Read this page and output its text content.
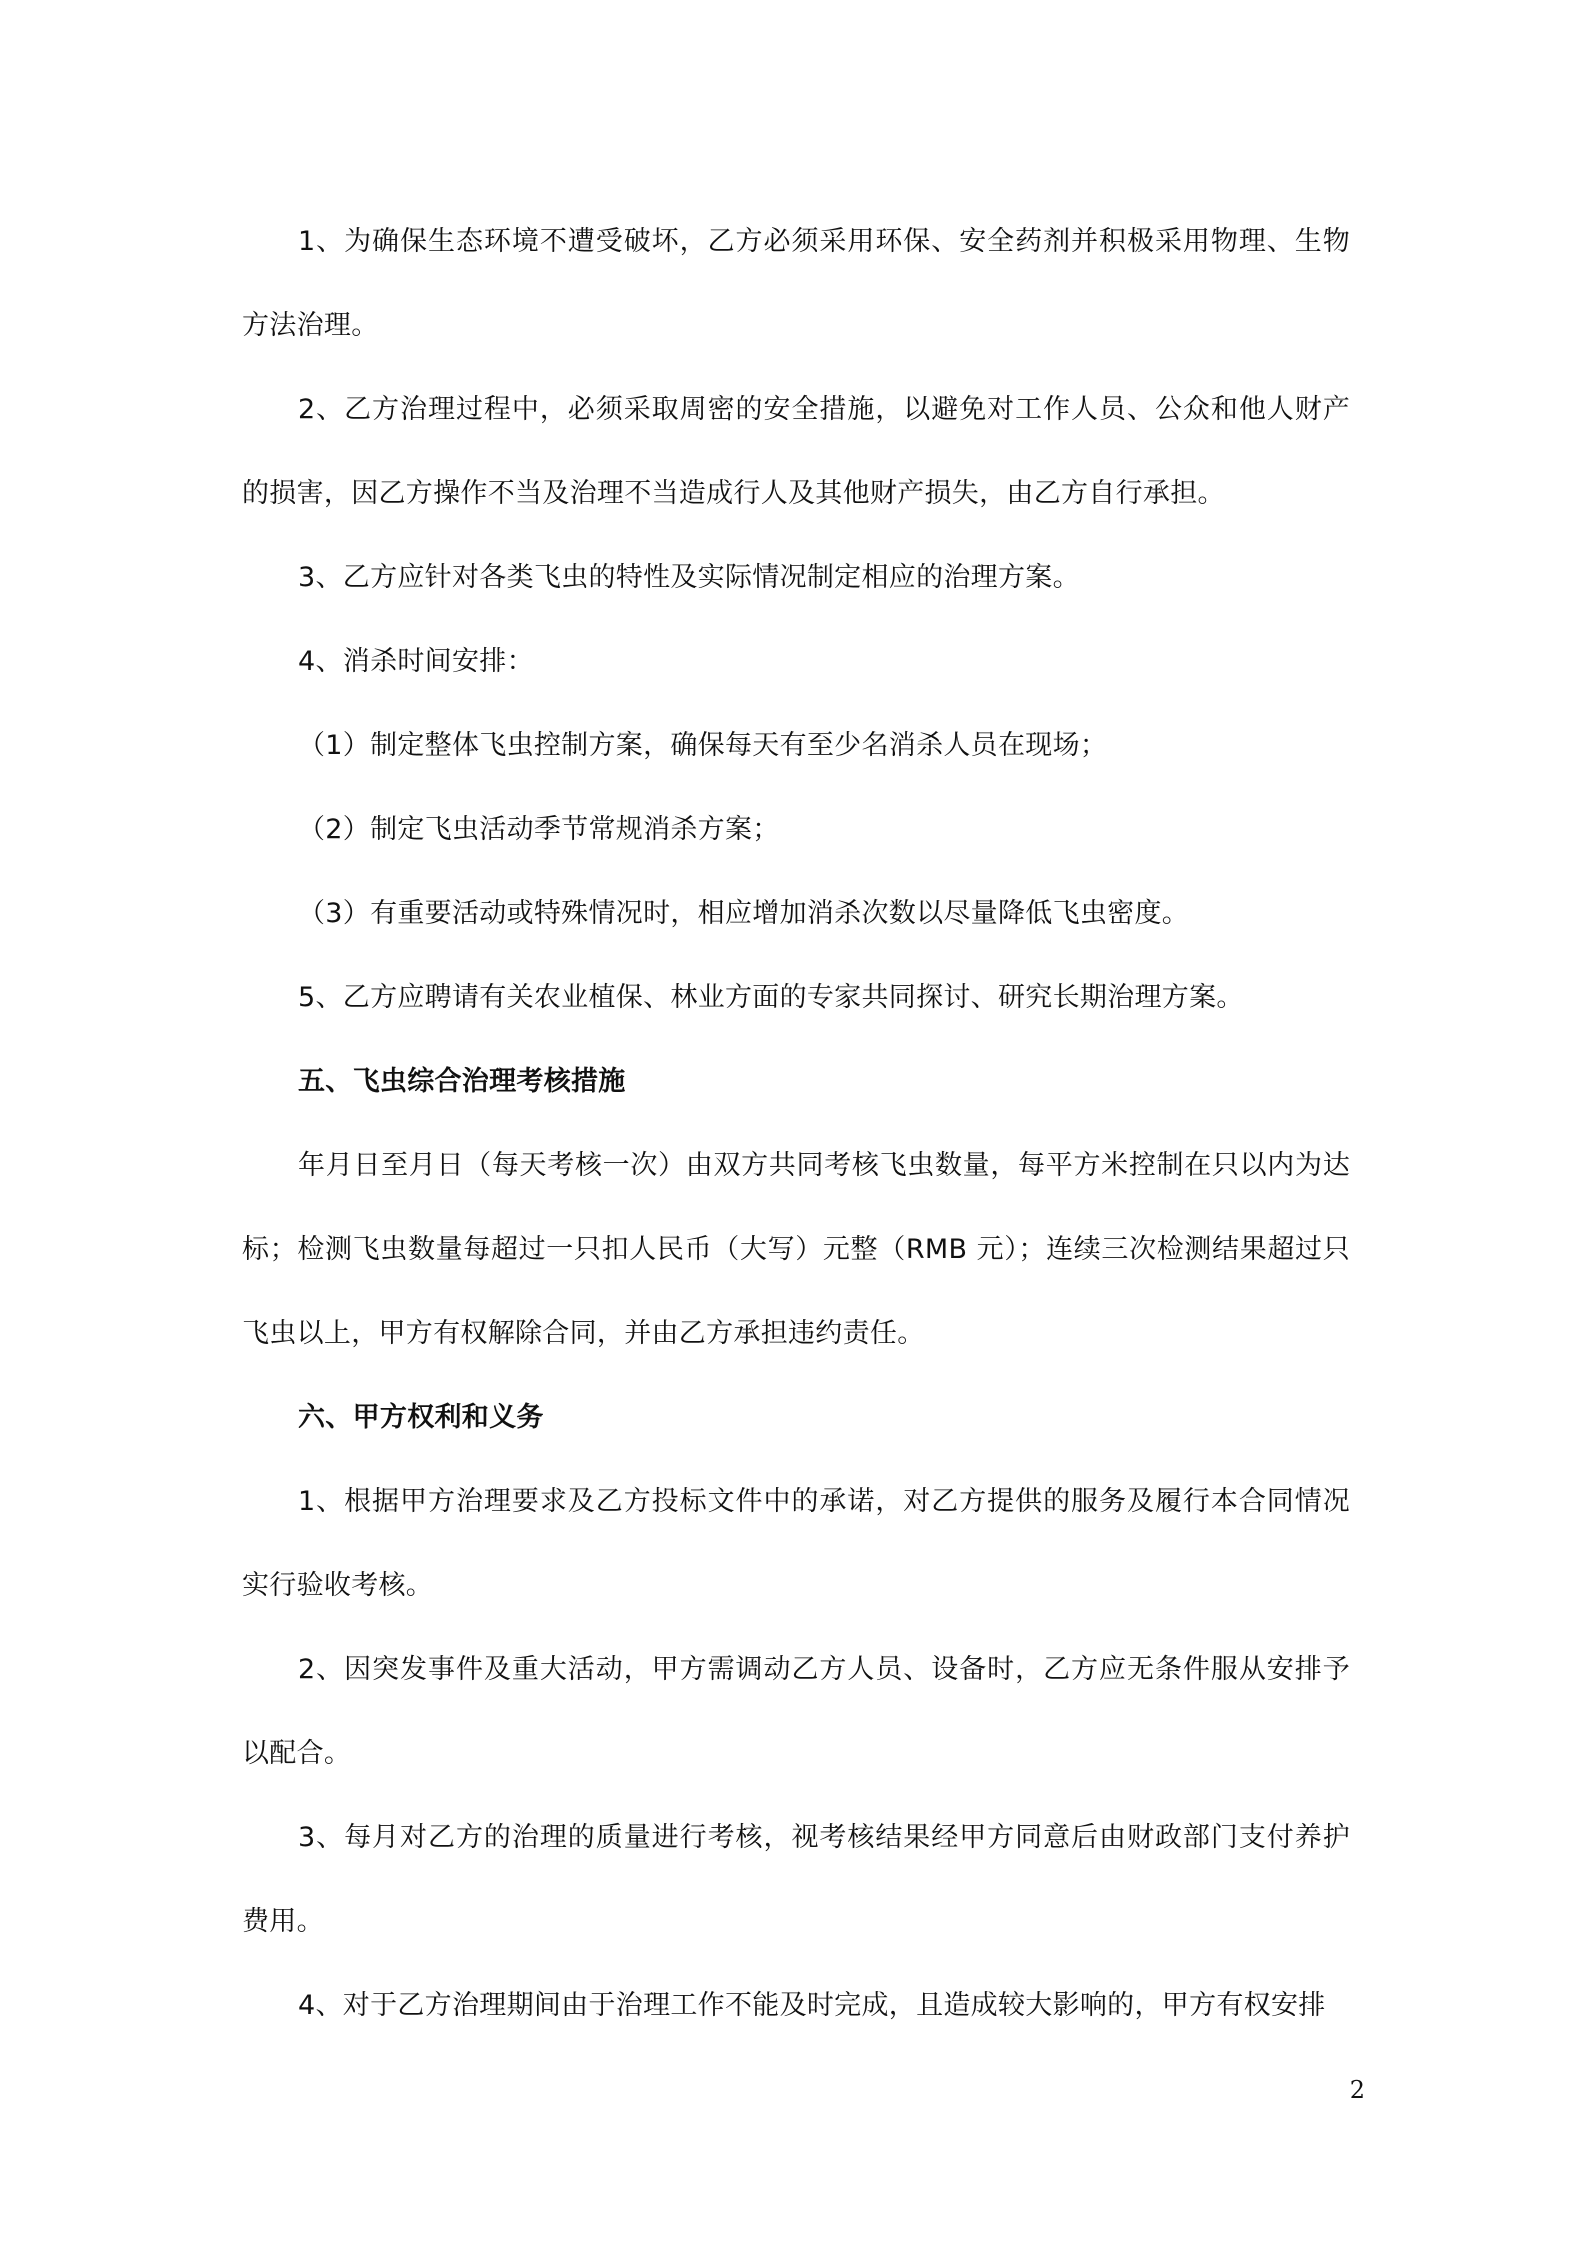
1、为确保生态环境不遭受破坏，乙方必须采用环保、安全药剂并积极采用物理、生物方法治理。

2、乙方治理过程中，必须采取周密的安全措施，以避免对工作人员、公众和他人财产的损害，因乙方操作不当及治理不当造成行人及其他财产损失，由乙方自行承担。

3、乙方应针对各类飞虫的特性及实际情况制定相应的治理方案。

4、消杀时间安排：

（1）制定整体飞虫控制方案，确保每天有至少名消杀人员在现场；

（2）制定飞虫活动季节常规消杀方案；

（3）有重要活动或特殊情况时，相应增加消杀次数以尽量降低飞虫密度。

5、乙方应聘请有关农业植保、林业方面的专家共同探讨、研究长期治理方案。

五、飞虫综合治理考核措施

年月日至月日（每天考核一次）由双方共同考核飞虫数量，每平方米控制在只以内为达标；检测飞虫数量每超过一只扣人民币（大写）元整（RMB 元）；连续三次检测结果超过只飞虫以上，甲方有权解除合同，并由乙方承担违约责任。

六、甲方权利和义务

1、根据甲方治理要求及乙方投标文件中的承诺，对乙方提供的服务及履行本合同情况实行验收考核。

2、因突发事件及重大活动，甲方需调动乙方人员、设备时，乙方应无条件服从安排予以配合。

3、每月对乙方的治理的质量进行考核，视考核结果经甲方同意后由财政部门支付养护费用。

4、对于乙方治理期间由于治理工作不能及时完成，且造成较大影响的，甲方有权安排

2
